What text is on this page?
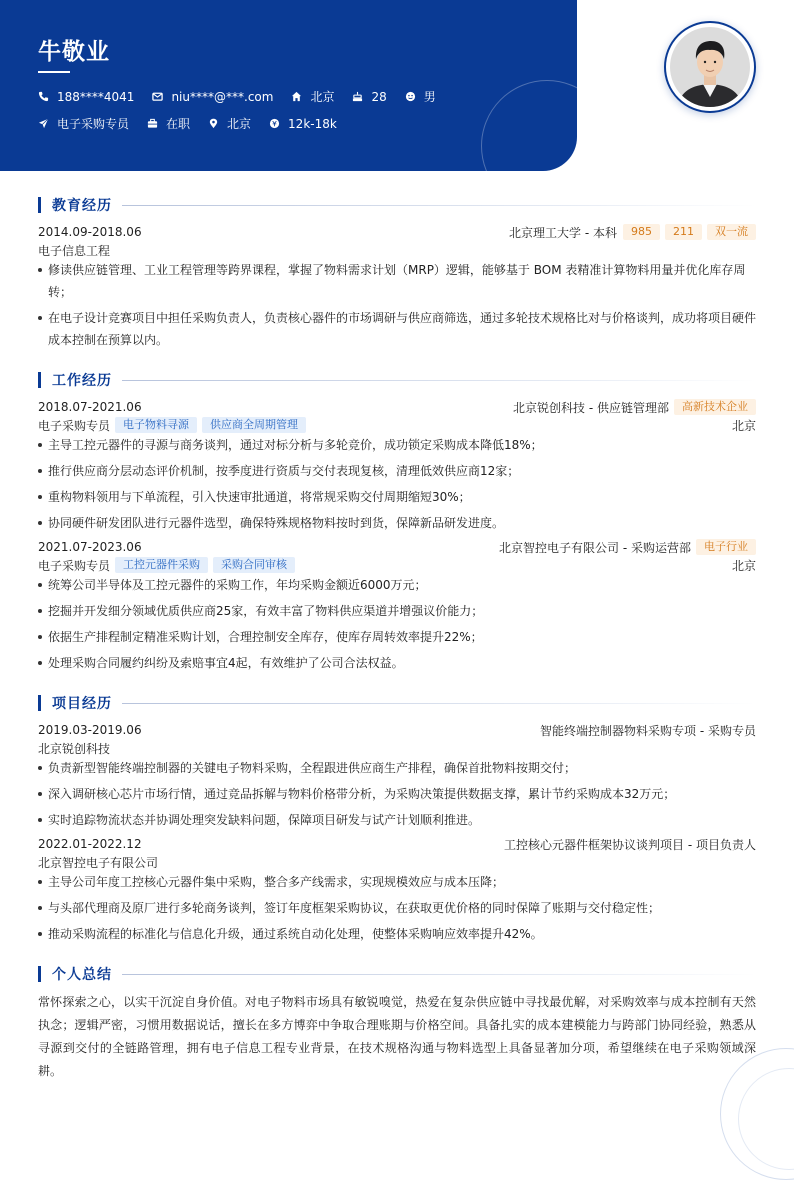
牛敬业
188****4041	niu****@***.com	北京	28	男
电子采购专员	在职	北京	12k-18k
教育经历
2014.09-2018.06	北京理工大学 - 本科	985	211	双一流
电子信息工程
修读供应链管理、工业工程管理等跨界课程，掌握了物料需求计划（MRP）逻辑，能够基于 BOM 表精准计算物料用量并优化库存周转；
在电子设计竞赛项目中担任采购负责人，负责核心器件的市场调研与供应商筛选，通过多轮技术规格比对与价格谈判，成功将项目硬件成本控制在预算以内。
工作经历
2018.07-2021.06	北京锐创科技 - 供应链管理部	高新技术企业
电子采购专员	电子物料寻源	供应商全周期管理	北京
主导工控元器件的寻源与商务谈判，通过对标分析与多轮竞价，成功锁定采购成本降低18%；
推行供应商分层动态评价机制，按季度进行资质与交付表现复核，清理低效供应商12家；
重构物料领用与下单流程，引入快速审批通道，将常规采购交付周期缩短30%；
协同硬件研发团队进行元器件选型，确保特殊规格物料按时到货，保障新品研发进度。
2021.07-2023.06	北京智控电子有限公司 - 采购运营部	电子行业
电子采购专员	工控元器件采购	采购合同审核	北京
统筹公司半导体及工控元器件的采购工作，年均采购金额近6000万元；
挖掘并开发细分领域优质供应商25家，有效丰富了物料供应渠道并增强议价能力；
依据生产排程制定精准采购计划，合理控制安全库存，使库存周转效率提升22%；
处理采购合同履约纠纷及索赔事宜4起，有效维护了公司合法权益。
项目经历
2019.03-2019.06	智能终端控制器物料采购专项 - 采购专员
北京锐创科技
负责新型智能终端控制器的关键电子物料采购，全程跟进供应商生产排程，确保首批物料按期交付；
深入调研核心芯片市场行情，通过竞品拆解与物料价格带分析，为采购决策提供数据支撑，累计节约采购成本32万元；
实时追踪物流状态并协调处理突发缺料问题，保障项目研发与试产计划顺利推进。
2022.01-2022.12	工控核心元器件框架协议谈判项目 - 项目负责人
北京智控电子有限公司
主导公司年度工控核心元器件集中采购，整合多产线需求，实现规模效应与成本压降；
与头部代理商及原厂进行多轮商务谈判，签订年度框架采购协议，在获取更优价格的同时保障了账期与交付稳定性；
推动采购流程的标准化与信息化升级，通过系统自动化处理，使整体采购响应效率提升42%。
个人总结
常怀探索之心，以实干沉淀自身价值。对电子物料市场具有敏锐嗅觉，热爱在复杂供应链中寻找最优解，对采购效率与成本控制有天然执念；逻辑严密，习惯用数据说话，擅长在多方博弈中争取合理账期与价格空间。具备扎实的成本建模能力与跨部门协同经验，熟悉从寻源到交付的全链路管理，拥有电子信息工程专业背景，在技术规格沟通与物料选型上具备显著加分项，希望继续在电子采购领域深耕。
